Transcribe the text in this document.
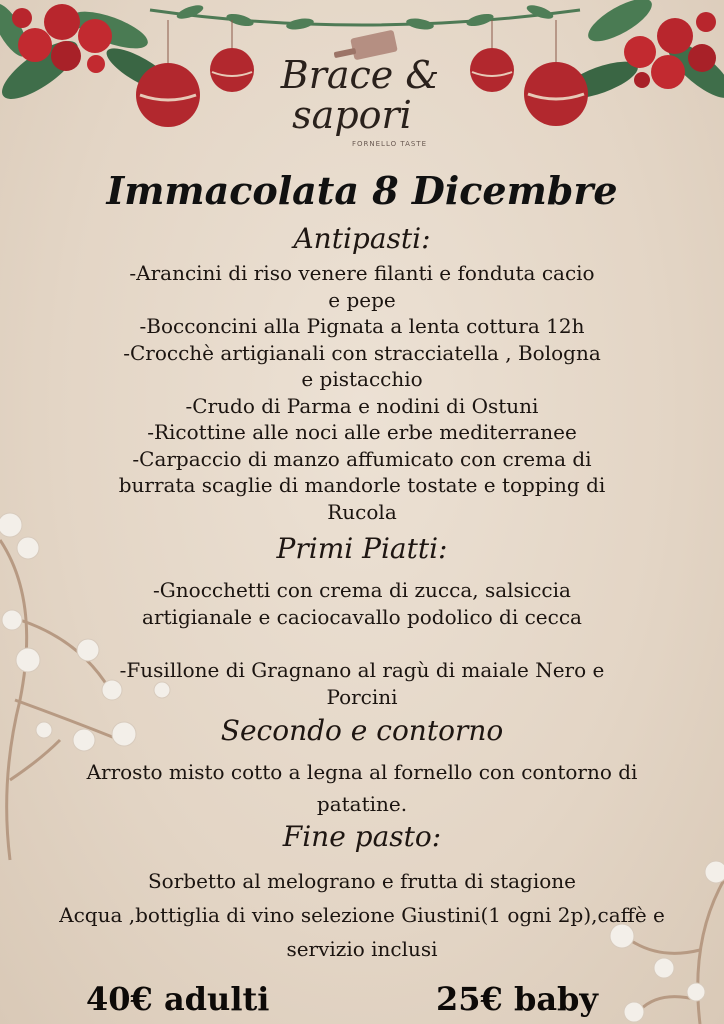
Brace &
sapori
FORNELLO TASTE
Immacolata 8 Dicembre
Antipasti:
-Arancini di riso venere filanti e fonduta cacio
e pepe
-Bocconcini alla Pignata a lenta cottura 12h
-Crocchè artigianali con stracciatella , Bologna
e pistacchio
-Crudo di Parma e nodini di Ostuni
-Ricottine alle noci alle erbe mediterranee
-Carpaccio di manzo affumicato con crema di
burrata scaglie di mandorle tostate e topping di
Rucola
Primi Piatti:
-Gnocchetti con crema di zucca, salsiccia
artigianale e caciocavallo podolico di cecca
-Fusillone di Gragnano al ragù di maiale Nero e
Porcini
Secondo e contorno
Arrosto misto cotto a legna al fornello con contorno di
patatine.
Fine pasto:
Sorbetto al melograno e frutta di stagione
Acqua ,bottiglia di vino selezione Giustini(1 ogni 2p),caffè e
servizio inclusi
40€ adulti	25€ baby
